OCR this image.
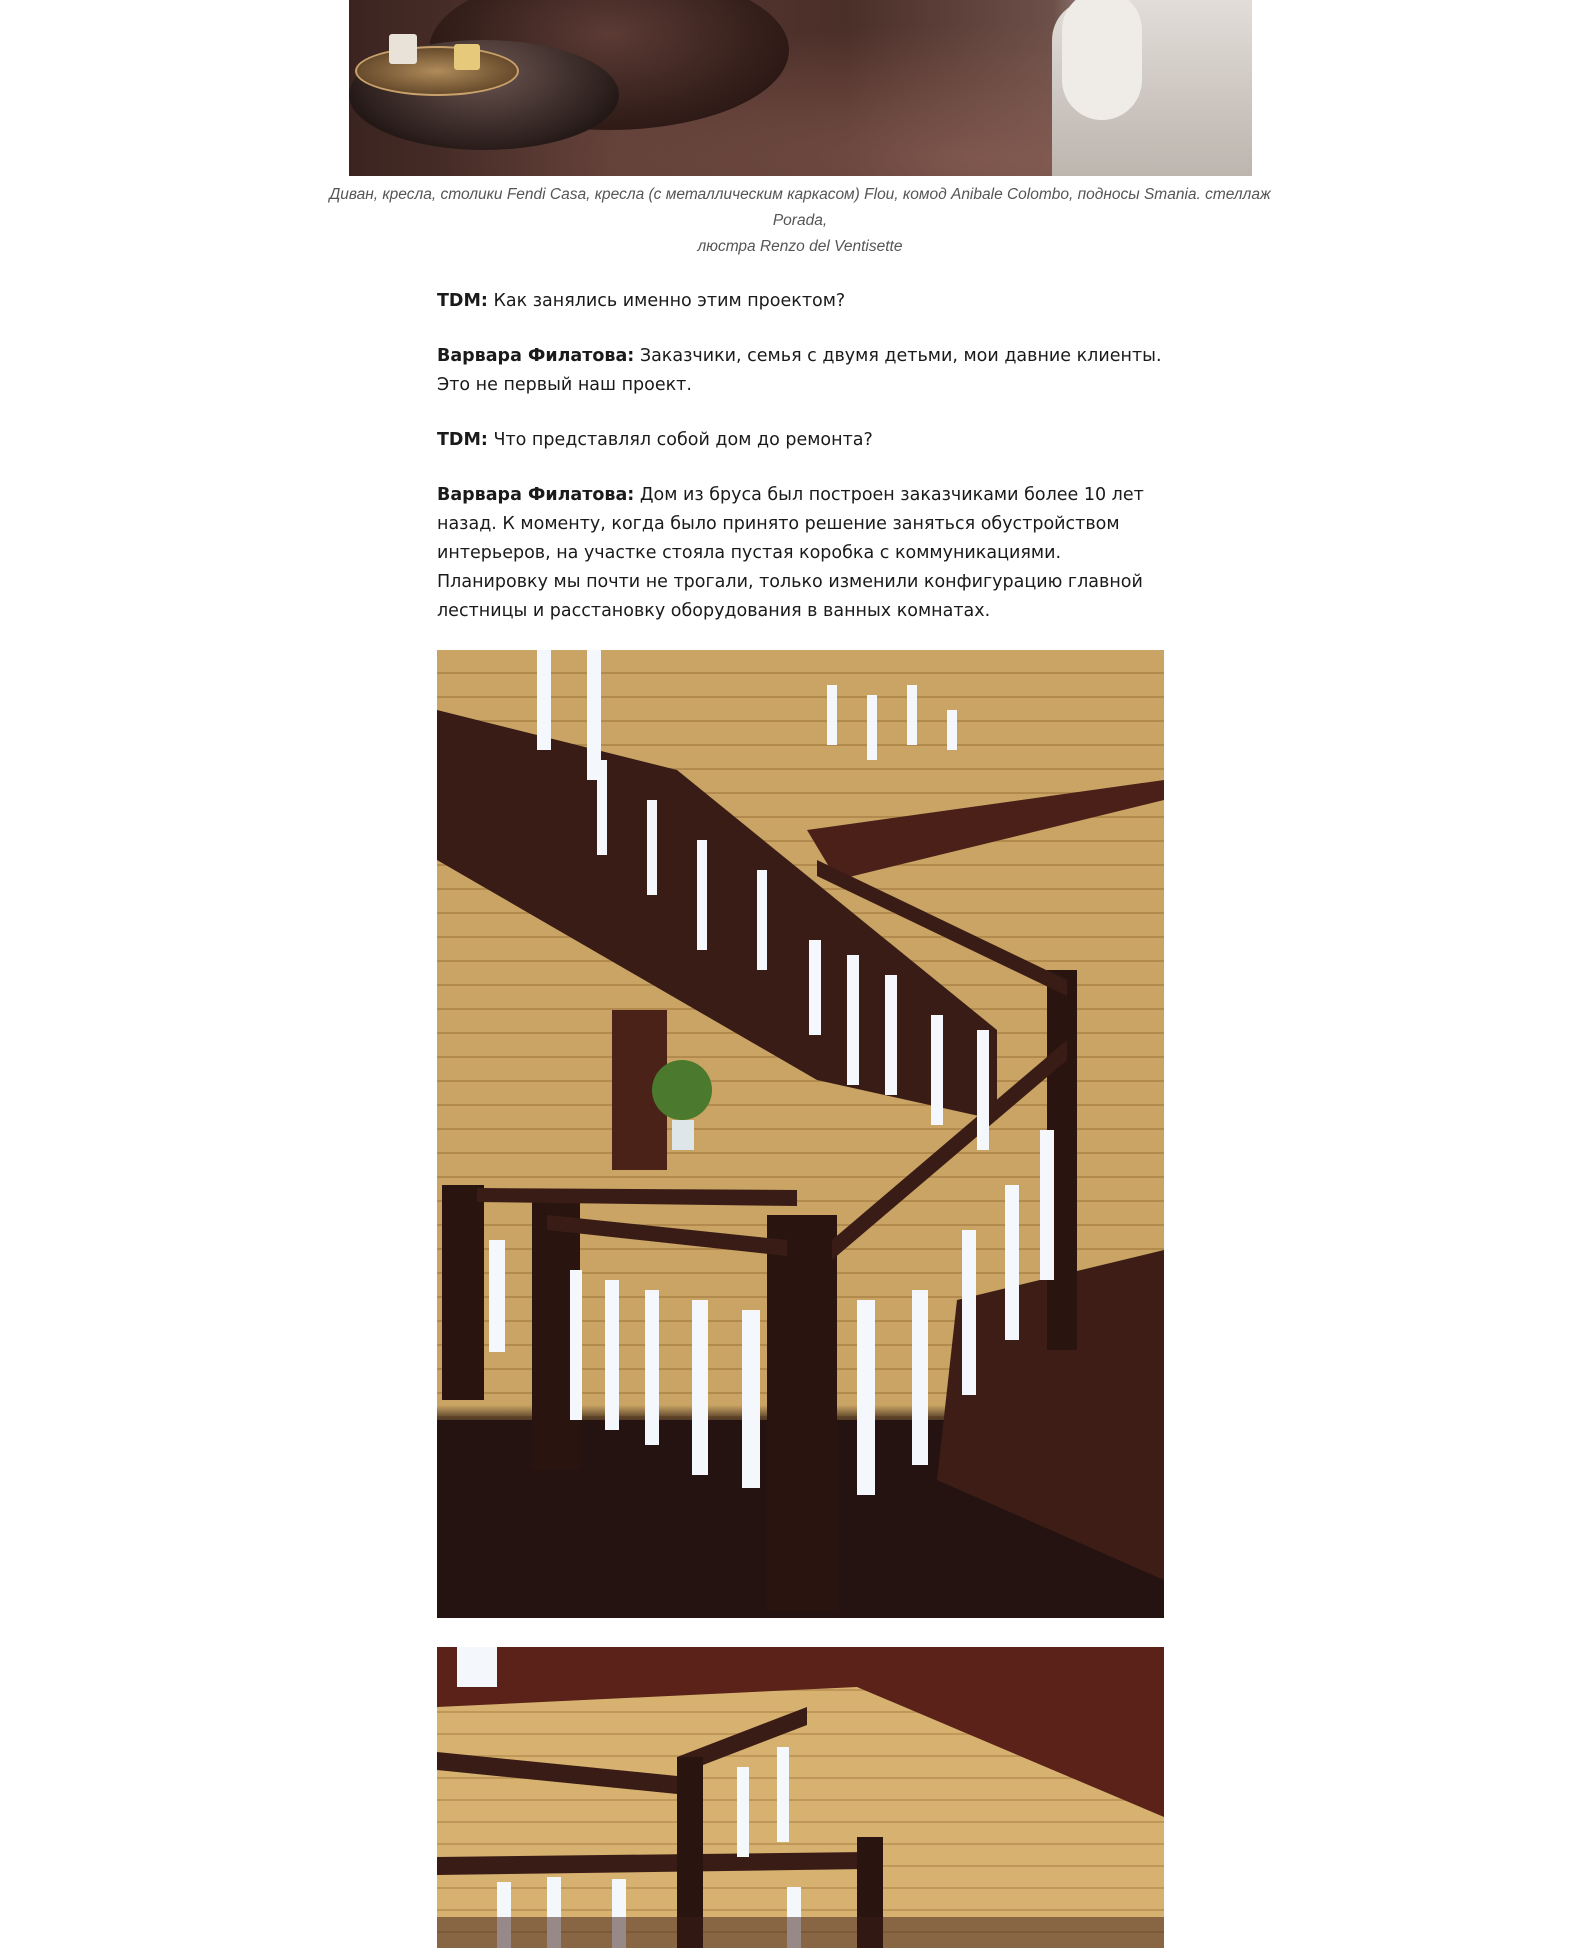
Диван, кресла, столики Fendi Casa, кресла (с металлическим каркасом) Flou, комод Anibale Colombo, подносы Smania. стеллаж Porada,
люстра Renzo del Ventisette

TDM: Как занялись именно этим проектом?

Варвара Филатова: Заказчики, семья с двумя детьми, мои давние клиенты. Это не первый наш проект.

TDM: Что представлял собой дом до ремонта?

Варвара Филатова: Дом из бруса был построен заказчиками более 10 лет назад. К моменту, когда было принято решение заняться обустройством интерьеров, на участке стояла пустая коробка с коммуникациями. Планировку мы почти не трогали, только изменили конфигурацию главной лестницы и расстановку оборудования в ванных комнатах.
